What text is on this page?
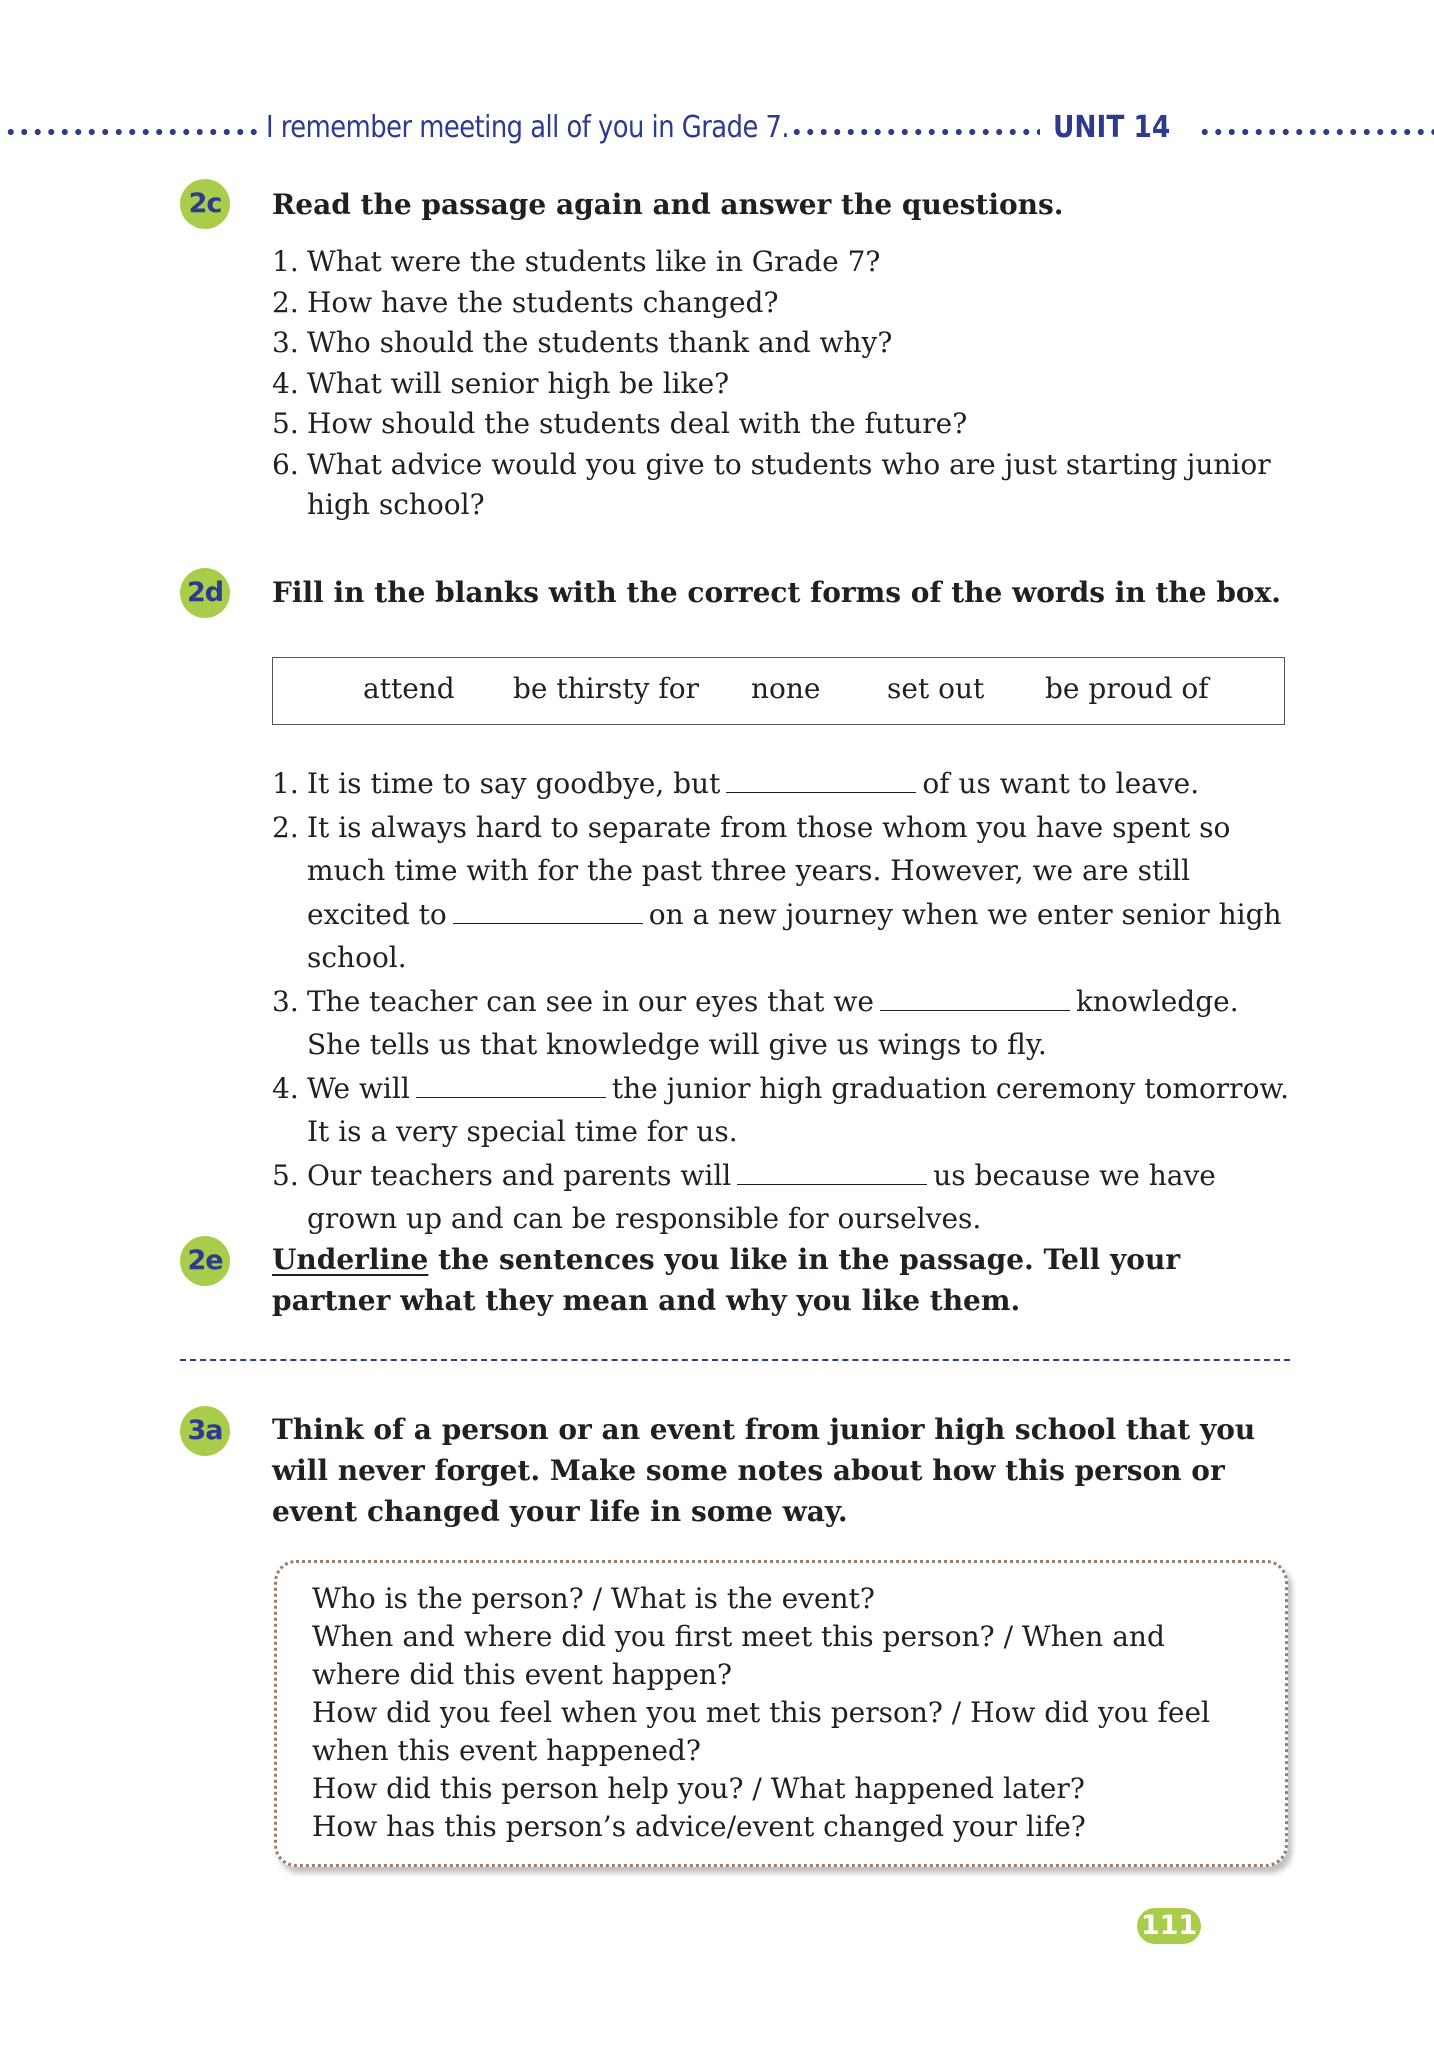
I remember meeting all of you in Grade 7.	UNIT 14
2c	Read the passage again and answer the questions.
1. What were the students like in Grade 7?
2. How have the students changed?
3. Who should the students thank and why?
4. What will senior high be like?
5. How should the students deal with the future?
6. What advice would you give to students who are just starting junior high school?
2d Fill in the blanks with the correct forms of the words in the box.
attend be thirsty for none set out be proud of
1. It is time to say goodbye, but	of us want to leave.
2. It is always hard to separate from those whom you have spent so much time with for the past three years. However, we are still excited to	on a new journey when we enter senior high school.
3. The teacher can see in our eyes that we	knowledge. She tells us that knowledge will give us wings to fly.
4. We will	the junior high graduation ceremony tomorrow. It is a very special time for us.
5. Our teachers and parents will	us because we have grown up and can be responsible for ourselves.
2e Underline the sentences you like in the passage. Tell your partner what they mean and why you like them.
3a Think of a person or an event from junior high school that you will never forget. Make some notes about how this person or event changed your life in some way.
Who is the person? / What is the event?
When and where did you first meet this person? / When and where did this event happen?
How did you feel when you met this person? / How did you feel when this event happened?
How did this person help you? / What happened later?
How has this person’s advice/event changed your life?
111
